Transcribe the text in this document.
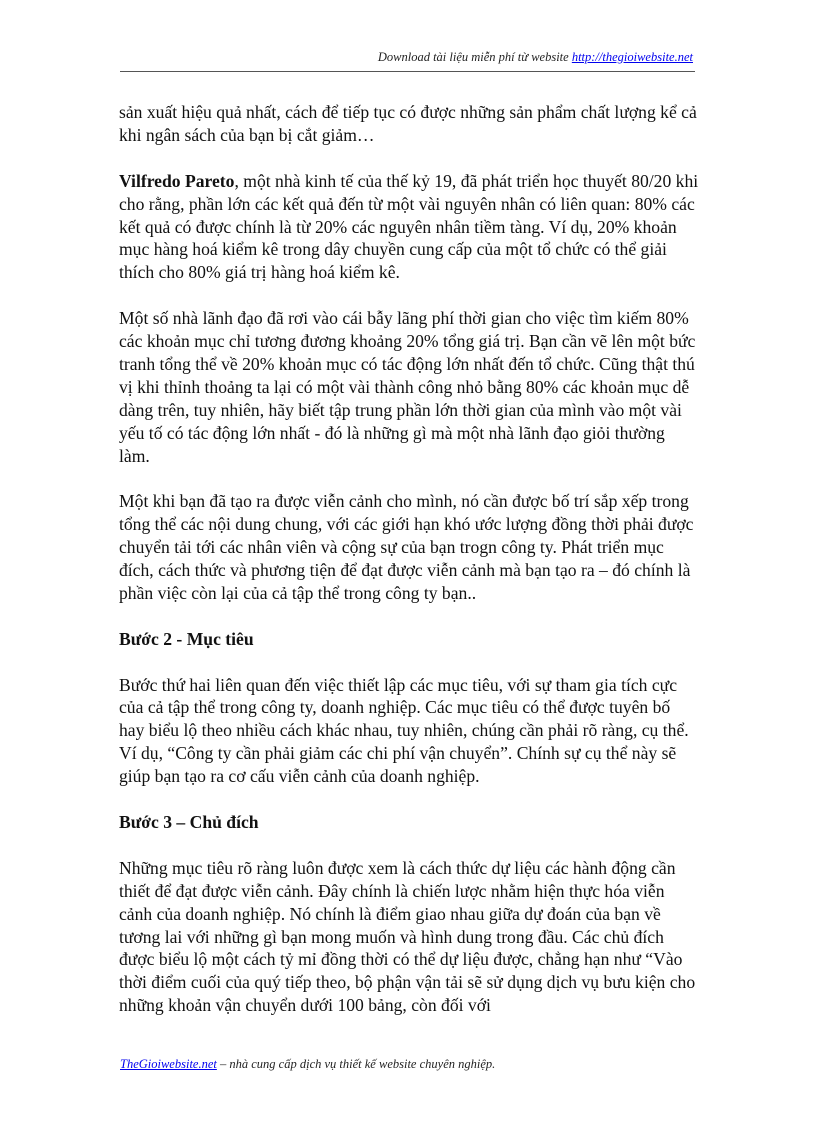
Download tài liệu miễn phí từ website http://thegioiwebsite.net

sản xuất hiệu quả nhất, cách để tiếp tục có được những sản phẩm chất lượng kể cả khi ngân sách của bạn bị cắt giảm…

Vilfredo Pareto, một nhà kinh tế của thế kỷ 19, đã phát triển học thuyết 80/20 khi cho rằng, phần lớn các kết quả đến từ một vài nguyên nhân có liên quan: 80% các kết quả có được chính là từ 20% các nguyên nhân tiềm tàng. Ví dụ, 20% khoản mục hàng hoá kiểm kê trong dây chuyền cung cấp của một tổ chức có thể giải thích cho 80% giá trị hàng hoá kiểm kê.

Một số nhà lãnh đạo đã rơi vào cái bẫy lãng phí thời gian cho việc tìm kiếm 80% các khoản mục chỉ tương đương khoảng 20% tổng giá trị. Bạn cần vẽ lên một bức tranh tổng thể về 20% khoản mục có tác động lớn nhất đến tổ chức. Cũng thật thú vị khi thỉnh thoảng ta lại có một vài thành công nhỏ bằng 80% các khoản mục dễ dàng trên, tuy nhiên, hãy biết tập trung phần lớn thời gian của mình vào một vài yếu tố có tác động lớn nhất - đó là những gì mà một nhà lãnh đạo giỏi thường làm.

Một khi bạn đã tạo ra được viễn cảnh cho mình, nó cần được bố trí sắp xếp trong tổng thể các nội dung chung, với các giới hạn khó ước lượng đồng thời phải được chuyển tải tới các nhân viên và cộng sự của bạn trogn công ty. Phát triển mục đích, cách thức và phương tiện để đạt được viễn cảnh mà bạn tạo ra – đó chính là phần việc còn lại của cả tập thể trong công ty bạn..

Bước 2 - Mục tiêu

Bước thứ hai liên quan đến việc thiết lập các mục tiêu, với sự tham gia tích cực của cả tập thể trong công ty, doanh nghiệp. Các mục tiêu có thể được tuyên bố hay biểu lộ theo nhiều cách khác nhau, tuy nhiên, chúng cần phải rõ ràng, cụ thể. Ví dụ, “Công ty cần phải giảm các chi phí vận chuyển”. Chính sự cụ thể này sẽ giúp bạn tạo ra cơ cấu viễn cảnh của doanh nghiệp.

Bước 3 – Chủ đích

Những mục tiêu rõ ràng luôn được xem là cách thức dự liệu các hành động cần thiết để đạt được viễn cảnh. Đây chính là chiến lược nhằm hiện thực hóa viễn cảnh của doanh nghiệp. Nó chính là điểm giao nhau giữa dự đoán của bạn về tương lai với những gì bạn mong muốn và hình dung trong đầu. Các chủ đích được biểu lộ một cách tỷ mỉ đồng thời có thể dự liệu được, chẳng hạn như “Vào thời điểm cuối của quý tiếp theo, bộ phận vận tải sẽ sử dụng dịch vụ bưu kiện cho những khoản vận chuyển dưới 100 bảng, còn đối với

TheGioiwebsite.net – nhà cung cấp dịch vụ thiết kế website chuyên nghiệp.
